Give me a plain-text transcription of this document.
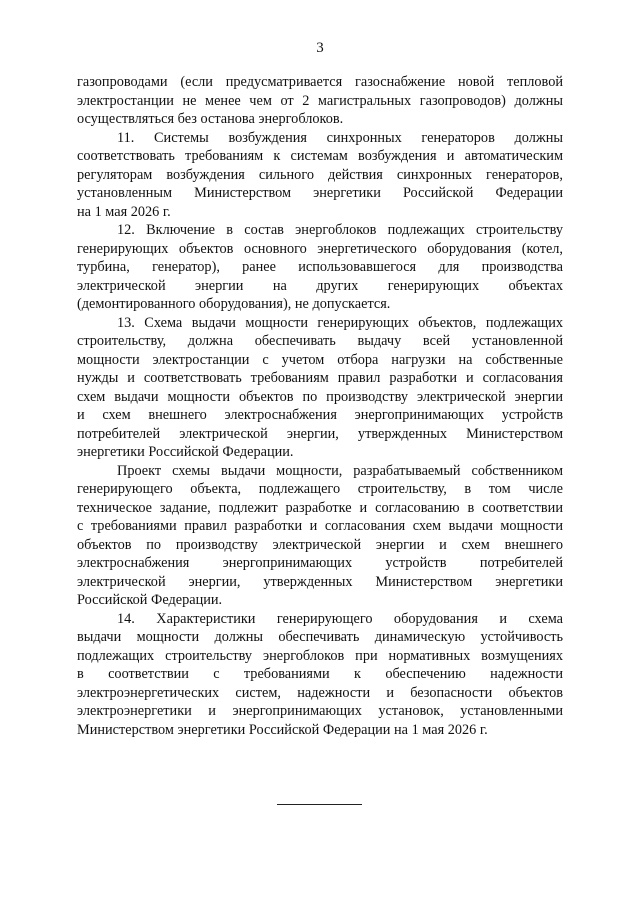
3
газопроводами (если предусматривается газоснабжение новой тепловой
электростанции не менее чем от 2 магистральных газопроводов) должны
осуществляться без останова энергоблоков.
11. Системы возбуждения синхронных генераторов должны
соответствовать требованиям к системам возбуждения и автоматическим
регуляторам возбуждения сильного действия синхронных генераторов,
установленным Министерством энергетики Российской Федерации
на 1 мая 2026 г.
12. Включение в состав энергоблоков подлежащих строительству
генерирующих объектов основного энергетического оборудования (котел,
турбина, генератор), ранее использовавшегося для производства
электрической энергии на других генерирующих объектах
(демонтированного оборудования), не допускается.
13. Схема выдачи мощности генерирующих объектов, подлежащих
строительству, должна обеспечивать выдачу всей установленной
мощности электростанции с учетом отбора нагрузки на собственные
нужды и соответствовать требованиям правил разработки и согласования
схем выдачи мощности объектов по производству электрической энергии
и схем внешнего электроснабжения энергопринимающих устройств
потребителей электрической энергии, утвержденных Министерством
энергетики Российской Федерации.
Проект схемы выдачи мощности, разрабатываемый собственником
генерирующего объекта, подлежащего строительству, в том числе
техническое задание, подлежит разработке и согласованию в соответствии
с требованиями правил разработки и согласования схем выдачи мощности
объектов по производству электрической энергии и схем внешнего
электроснабжения энергопринимающих устройств потребителей
электрической энергии, утвержденных Министерством энергетики
Российской Федерации.
14. Характеристики генерирующего оборудования и схема
выдачи мощности должны обеспечивать динамическую устойчивость
подлежащих строительству энергоблоков при нормативных возмущениях
в соответствии с требованиями к обеспечению надежности
электроэнергетических систем, надежности и безопасности объектов
электроэнергетики и энергопринимающих установок, установленными
Министерством энергетики Российской Федерации на 1 мая 2026 г.
